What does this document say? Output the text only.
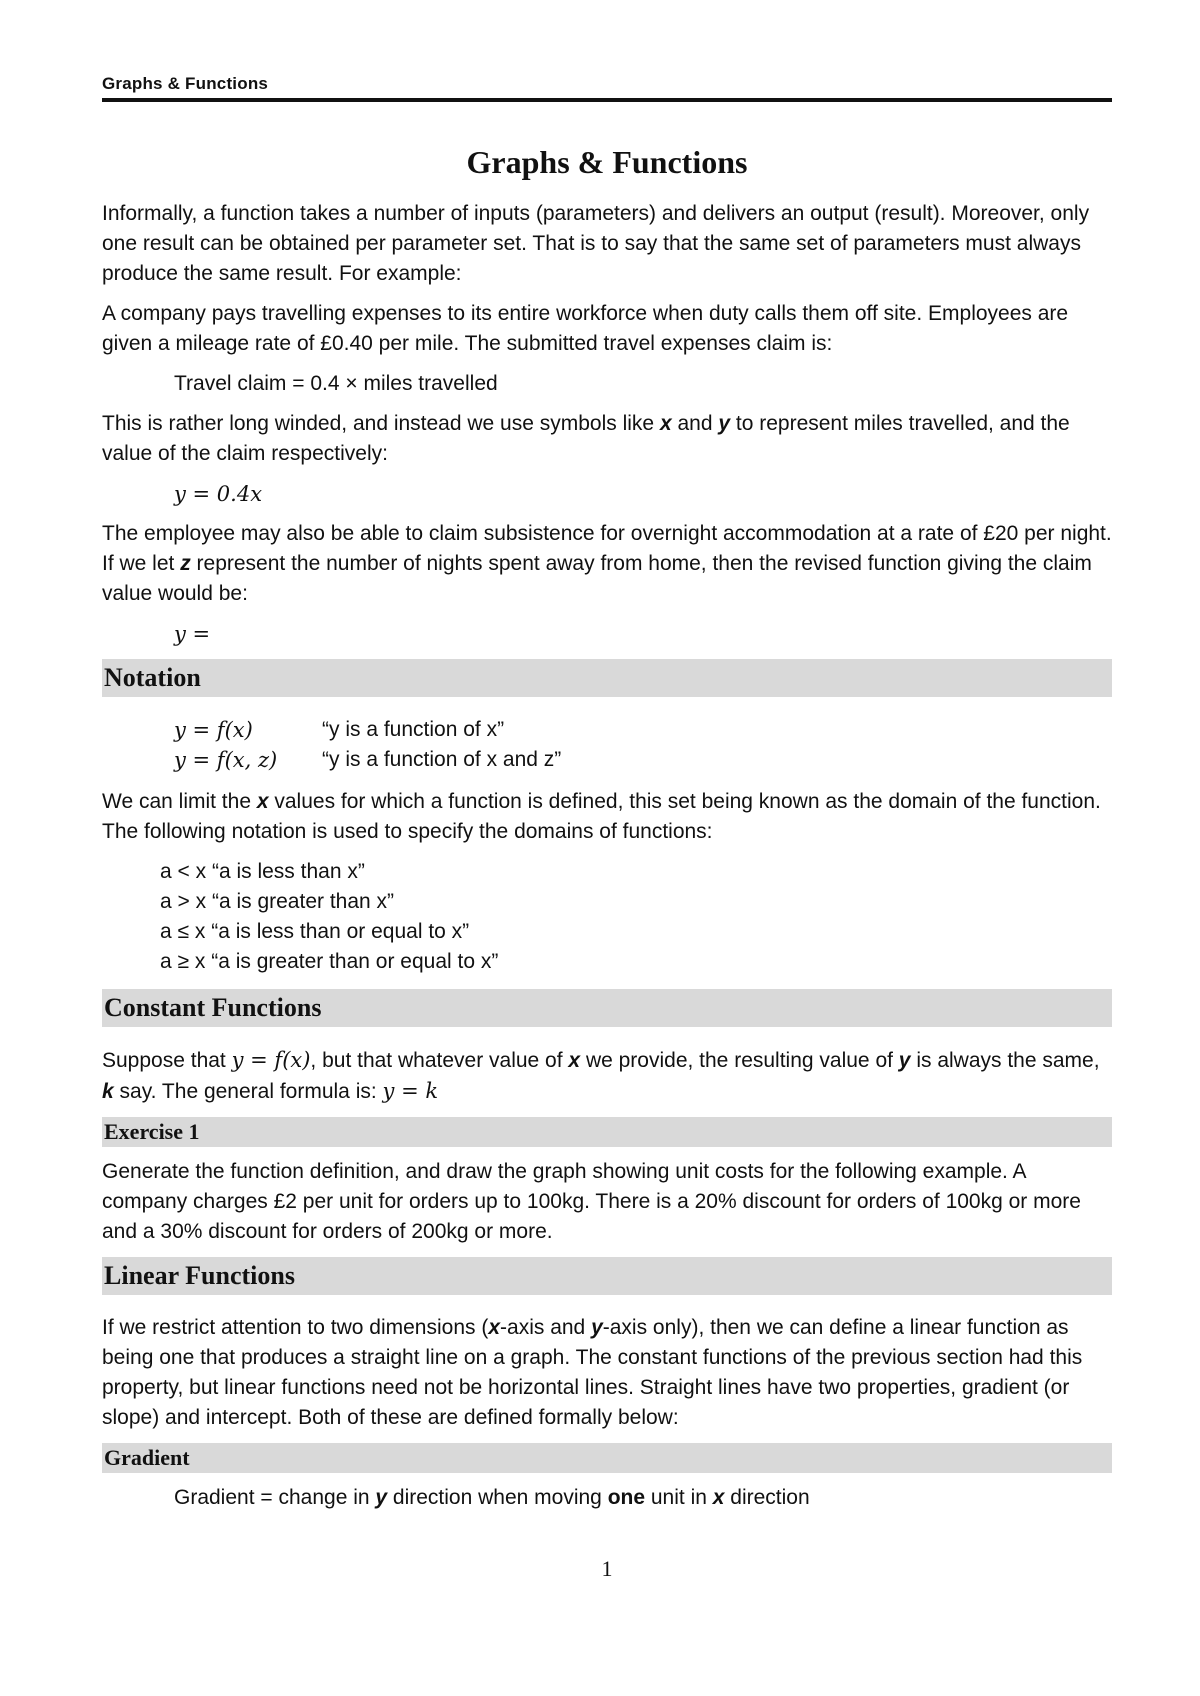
Graphs & Functions
Graphs & Functions

Informally, a function takes a number of inputs (parameters) and delivers an output (result). Moreover, only one result can be obtained per parameter set. That is to say that the same set of parameters must always produce the same result. For example:

A company pays travelling expenses to its entire workforce when duty calls them off site. Employees are given a mileage rate of £0.40 per mile. The submitted travel expenses claim is:

Travel claim = 0.4 × miles travelled

This is rather long winded, and instead we use symbols like x and y to represent miles travelled, and the value of the claim respectively:

y = 0.4x

The employee may also be able to claim subsistence for overnight accommodation at a rate of £20 per night. If we let z represent the number of nights spent away from home, then the revised function giving the claim value would be:

y =
Notation
y = f(x)	“y is a function of x”
y = f(x, z)	“y is a function of x and z”

We can limit the x values for which a function is defined, this set being known as the domain of the function. The following notation is used to specify the domains of functions:

a < x “a is less than x”
a > x “a is greater than x”
a ≤ x “a is less than or equal to x”
a ≥ x “a is greater than or equal to x”
Constant Functions

Suppose that y = f(x), but that whatever value of x we provide, the resulting value of y is always the same, k say. The general formula is: y = k

Exercise 1

Generate the function definition, and draw the graph showing unit costs for the following example. A company charges £2 per unit for orders up to 100kg. There is a 20% discount for orders of 100kg or more and a 30% discount for orders of 200kg or more.

Linear Functions

If we restrict attention to two dimensions (x-axis and y-axis only), then we can define a linear function as being one that produces a straight line on a graph. The constant functions of the previous section had this property, but linear functions need not be horizontal lines. Straight lines have two properties, gradient (or slope) and intercept. Both of these are defined formally below:

Gradient
Gradient = change in y direction when moving one unit in x direction
1
